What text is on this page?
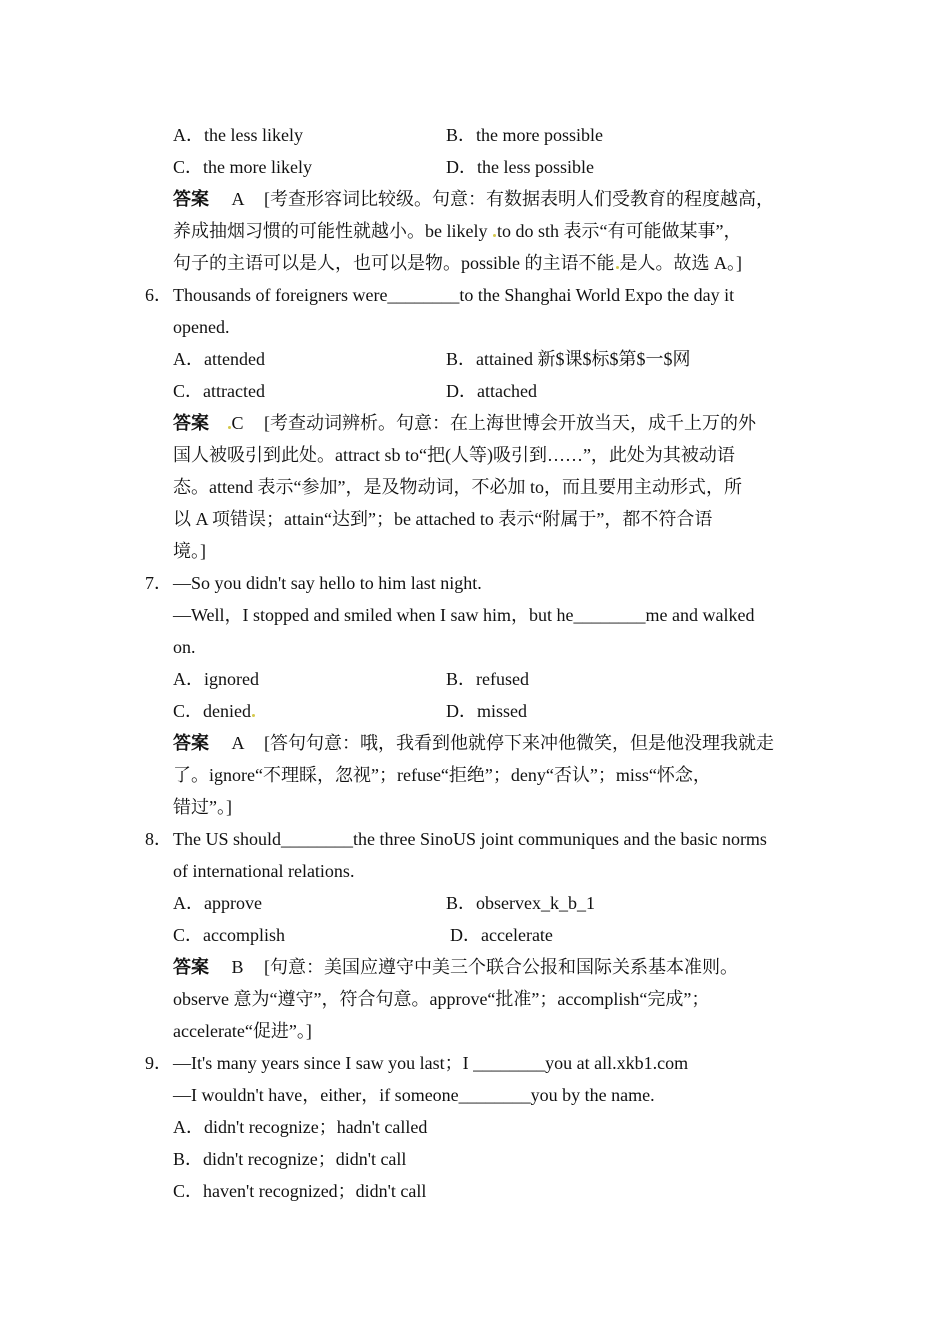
A．the less likely	B．the more possible
C．the more likely	D．the less possible
答案 A [考查形容词比较级。句意：有数据表明人们受教育的程度越高，
养成抽烟习惯的可能性就越小。be likely to do sth 表示“有可能做某事”，
句子的主语可以是人，也可以是物。possible 的主语不能 是人。故选 A。]
6． Thousands of foreigners were________to the Shanghai World Expo the day it
opened.
A．attended	B．attained 新$课$标$第$一$网
C．attracted	D．attached
答案 C [考查动词辨析。句意：在上海世博会开放当天，成千上万的外
国人被吸引到此处。attract sb to“把(人等)吸引到……”，此处为其被动语
态。attend 表示“参加”，是及物动词，不必加 to，而且要用主动形式，所
以 A 项错误；attain“达到”；be attached to 表示“附属于”，都不符合语
境。]
7． —So you didn't say hello to him last night.
—Well，I stopped and smiled when I saw him，but he________me and walked
on.
A．ignored	B．refused
C．denied	D．missed
答案 A [答句句意：哦，我看到他就停下来冲他微笑，但是他没理我就走
了。ignore“不理睬，忽视”；refuse“拒绝”；deny“否认”；miss“怀念，
错过”。]
8． The US should________the three SinoUS joint communiques and the basic norms
of international relations.
A．approve	B．observex_k_b_1
C．accomplish	D．accelerate
答案 B [句意：美国应遵守中美三个联合公报和国际关系基本准则。
observe 意为“遵守”，符合句意。approve“批准”；accomplish“完成”；
accelerate“促进”。]
9． —It's many years since I saw you last；I ________you at all.xkb1.com
—I wouldn't have，either，if someone________you by the name.
A．didn't recognize；hadn't called
B．didn't recognize；didn't call
C．haven't recognized；didn't call
